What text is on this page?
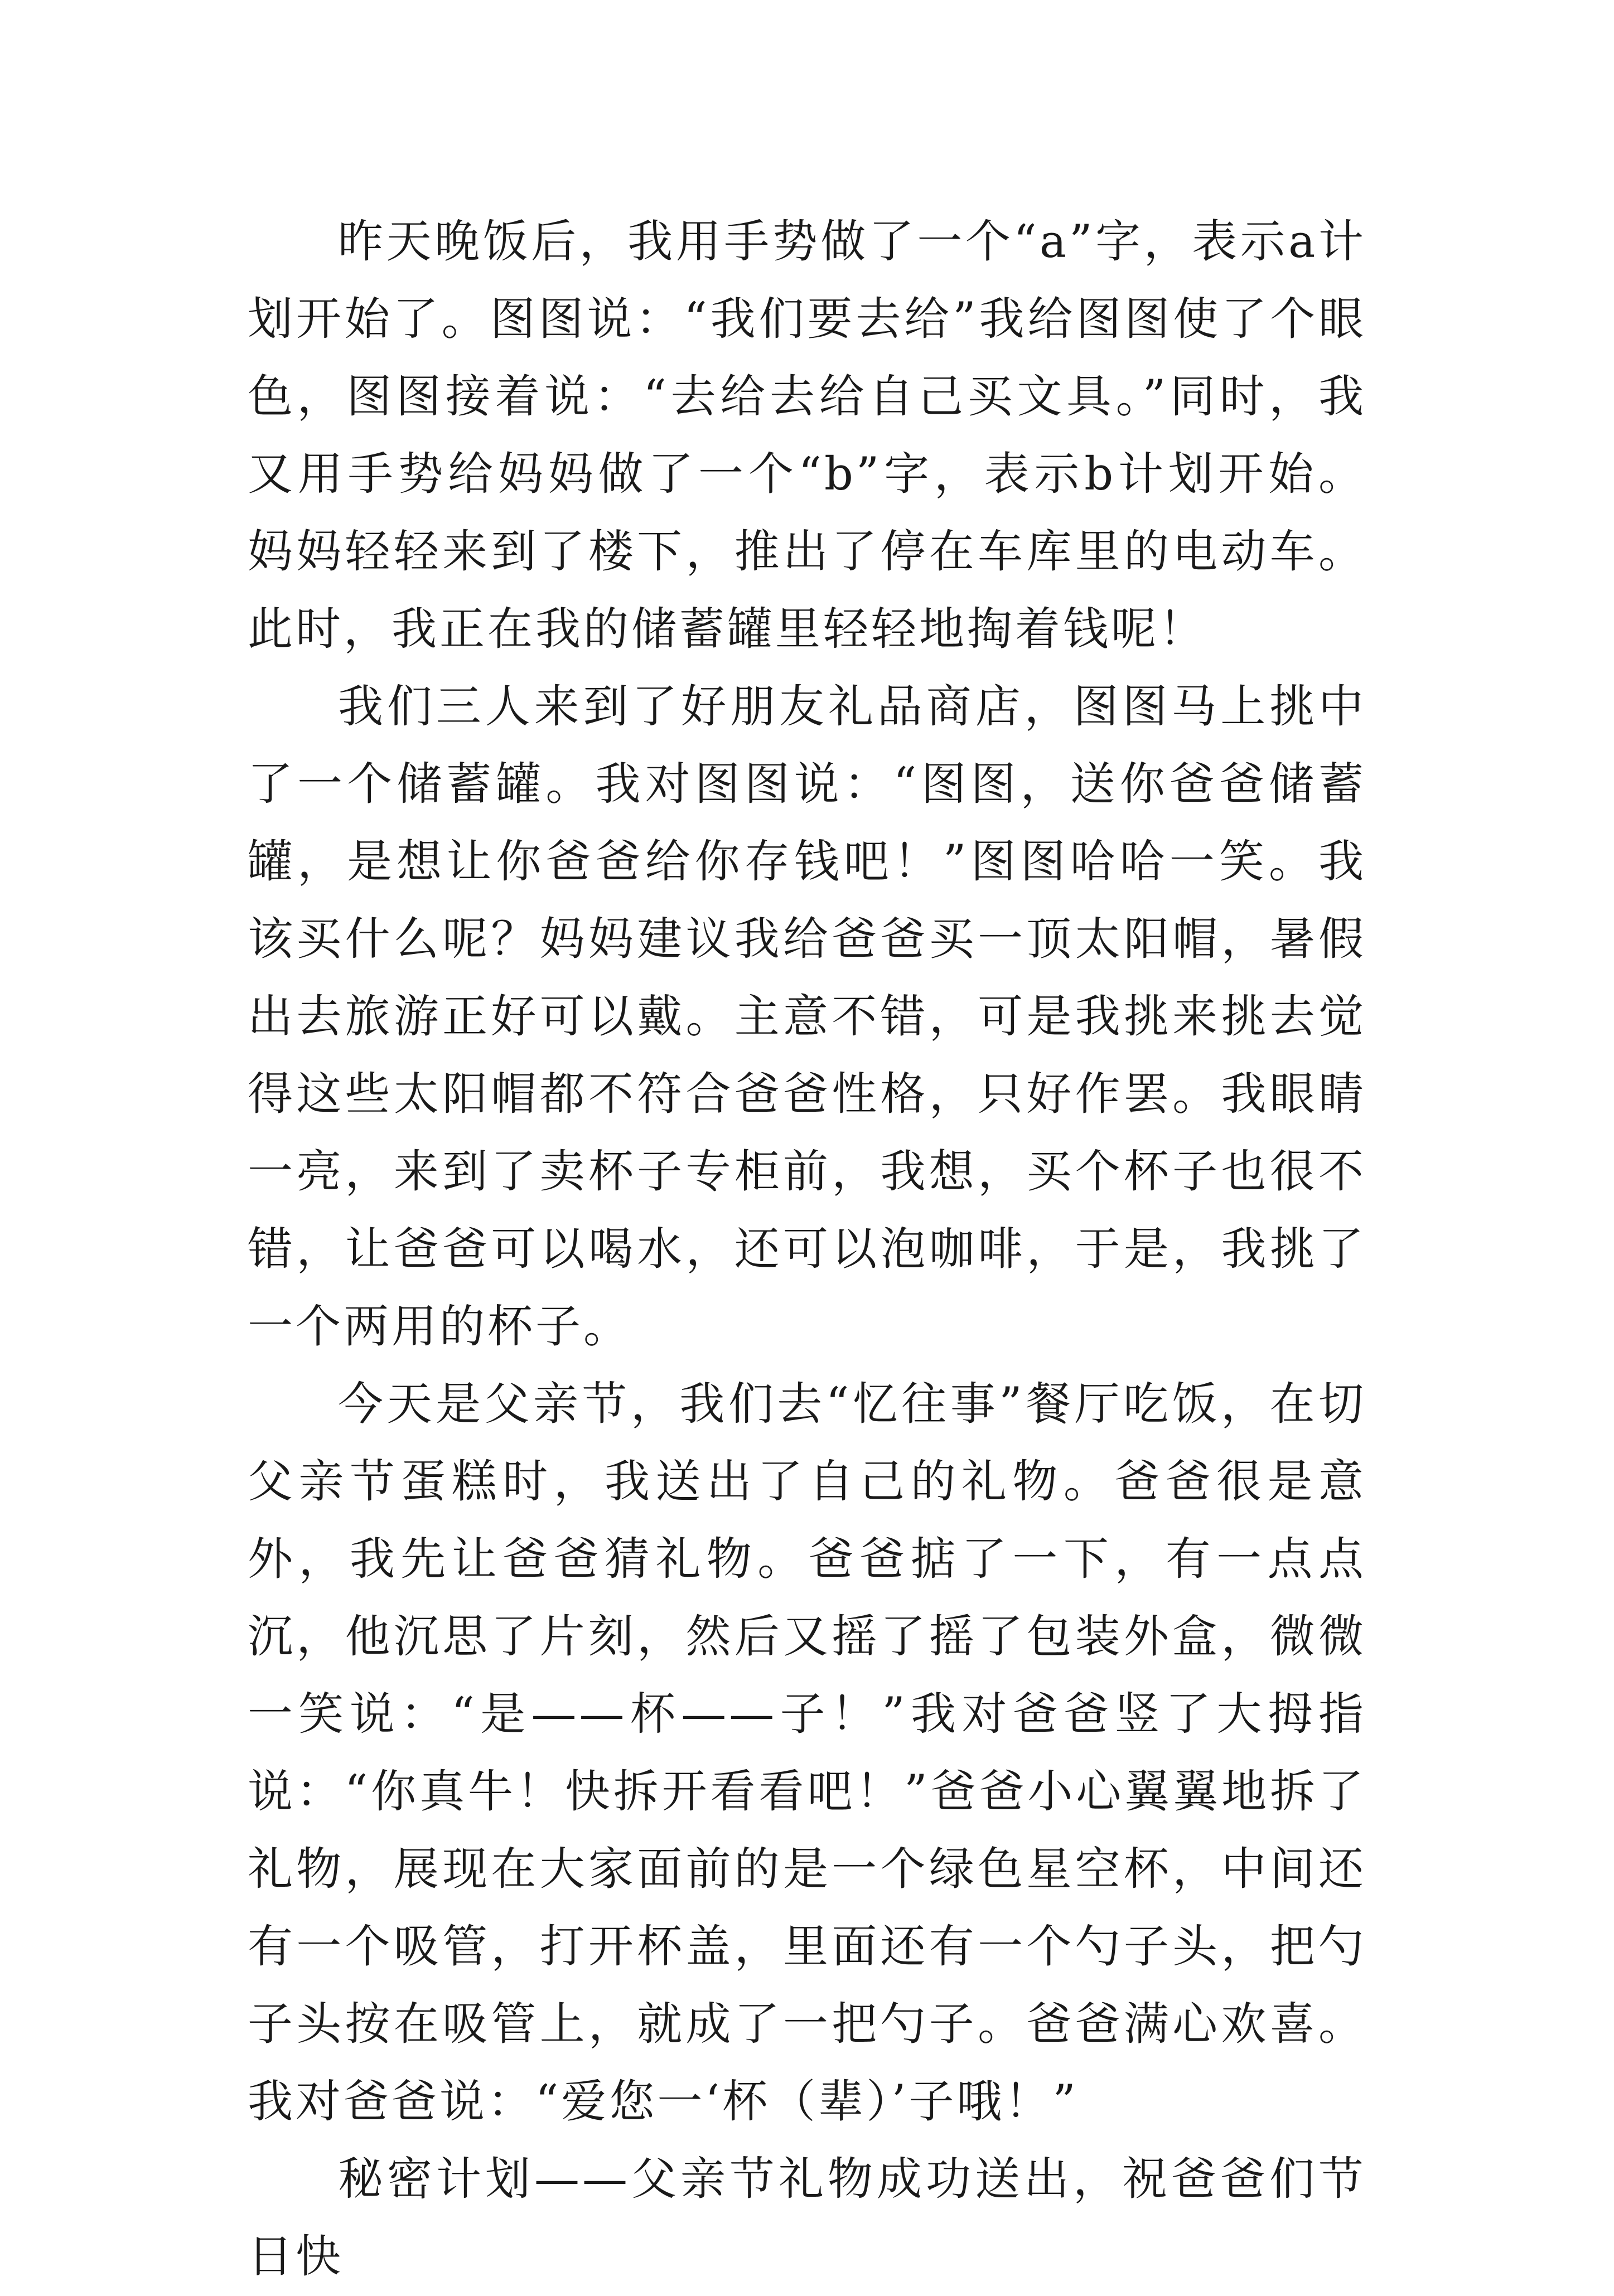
昨天晚饭后，我用手势做了一个“a”字，表示a计划开始了。图图说：“我们要去给”我给图图使了个眼色，图图接着说：“去给去给自己买文具。”同时，我又用手势给妈妈做了一个“b”字，表示b计划开始。妈妈轻轻来到了楼下，推出了停在车库里的电动车。此时，我正在我的储蓄罐里轻轻地掏着钱呢！

我们三人来到了好朋友礼品商店，图图马上挑中了一个储蓄罐。我对图图说：“图图，送你爸爸储蓄罐，是想让你爸爸给你存钱吧！”图图哈哈一笑。我该买什么呢？妈妈建议我给爸爸买一顶太阳帽，暑假出去旅游正好可以戴。主意不错，可是我挑来挑去觉得这些太阳帽都不符合爸爸性格，只好作罢。我眼睛一亮，来到了卖杯子专柜前，我想，买个杯子也很不错，让爸爸可以喝水，还可以泡咖啡，于是，我挑了一个两用的杯子。

今天是父亲节，我们去“忆往事”餐厅吃饭，在切父亲节蛋糕时，我送出了自己的礼物。爸爸很是意外，我先让爸爸猜礼物。爸爸掂了一下，有一点点沉，他沉思了片刻，然后又摇了摇了包装外盒，微微一笑说：“是——杯——子！”我对爸爸竖了大拇指说：“你真牛！快拆开看看吧！”爸爸小心翼翼地拆了礼物，展现在大家面前的是一个绿色星空杯，中间还有一个吸管，打开杯盖，里面还有一个勺子头，把勺子头按在吸管上，就成了一把勺子。爸爸满心欢喜。我对爸爸说：“爱您一‘杯（辈）’子哦！”

秘密计划——父亲节礼物成功送出，祝爸爸们节日快
